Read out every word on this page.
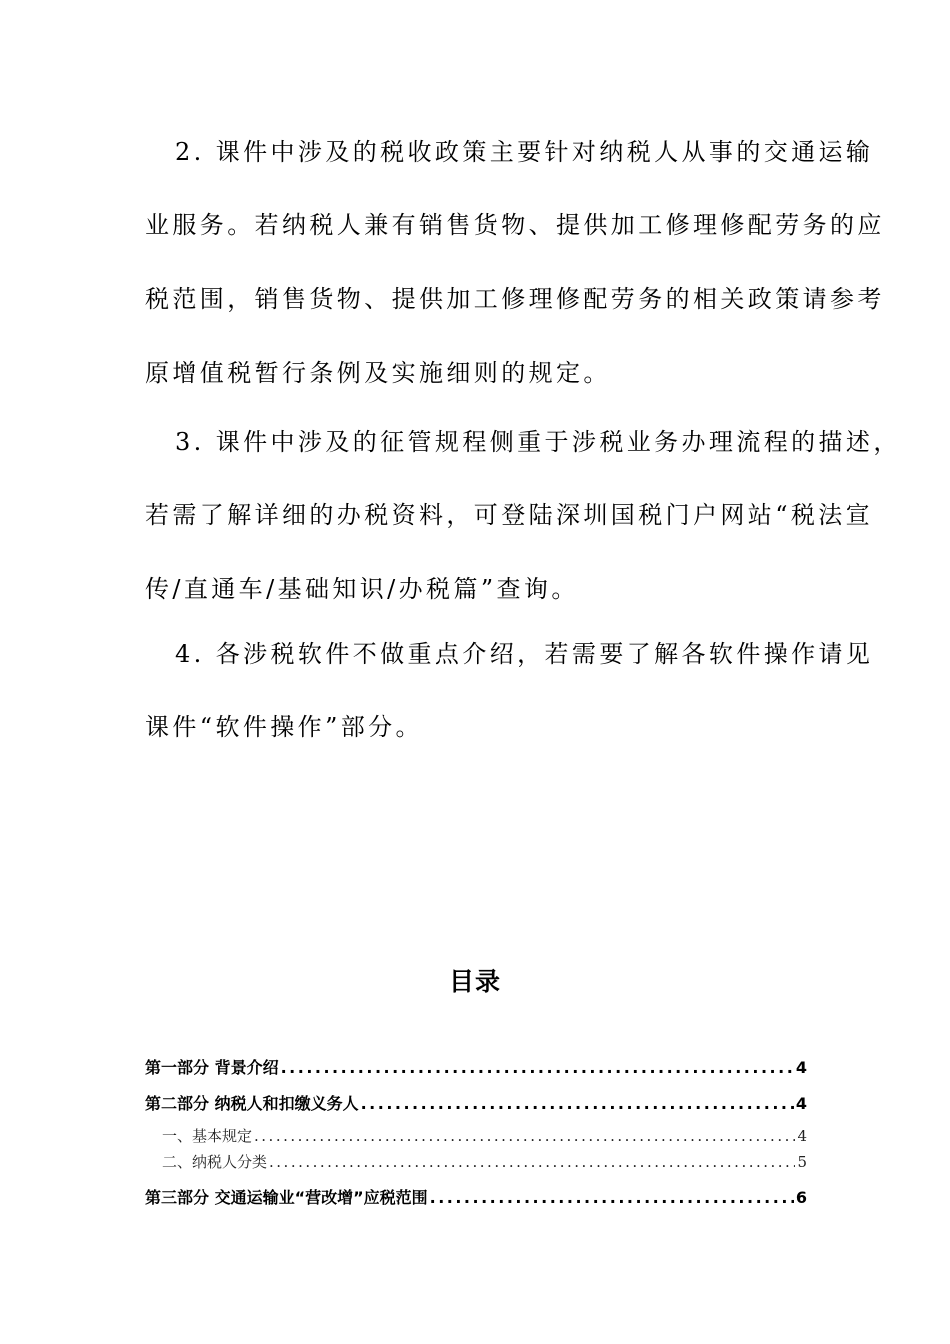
2. 课件中涉及的税收政策主要针对纳税人从事的交通运输
业服务。若纳税人兼有销售货物、提供加工修理修配劳务的应
税范围，销售货物、提供加工修理修配劳务的相关政策请参考
原增值税暂行条例及实施细则的规定。
3. 课件中涉及的征管规程侧重于涉税业务办理流程的描述，
若需了解详细的办税资料，可登陆深圳国税门户网站“税法宣
传/直通车/基础知识/办税篇”查询。
4. 各涉税软件不做重点介绍，若需要了解各软件操作请见
课件“软件操作”部分。
目录
第一部分 背景介绍 .....	4
第二部分 纳税人和扣缴义务人 .....	4
一、基本规定 .....	4
二、纳税人分类 .....	5
第三部分 交通运输业“营改增”应税范围 .....	6
